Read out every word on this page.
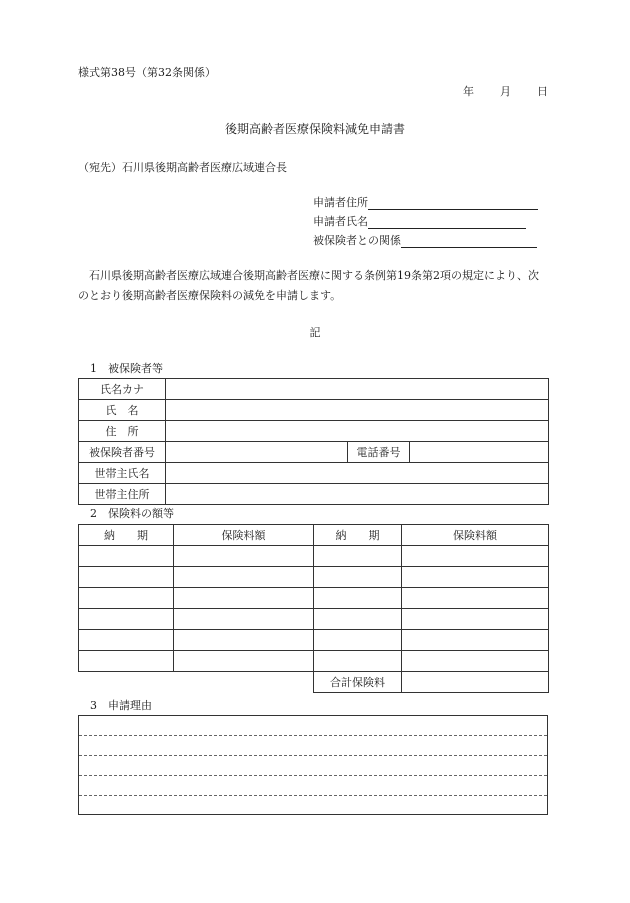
様式第38号（第32条関係）
年 月 日
後期高齢者医療保険料減免申請書
（宛先）石川県後期高齢者医療広域連合長
申請者住所
申請者氏名
被保険者との関係
石川県後期高齢者医療広域連合後期高齢者医療に関する条例第19条第2項の規定により、次のとおり後期高齢者医療保険料の減免を申請します。
記
1　被保険者等
氏名カナ			
氏　名			
住　所			
被保険者番号		電話番号	
世帯主氏名			
世帯主住所			
2　保険料の額等
納　　期	保険料額	納　　期	保険料額

		合計保険料	
3　申請理由
